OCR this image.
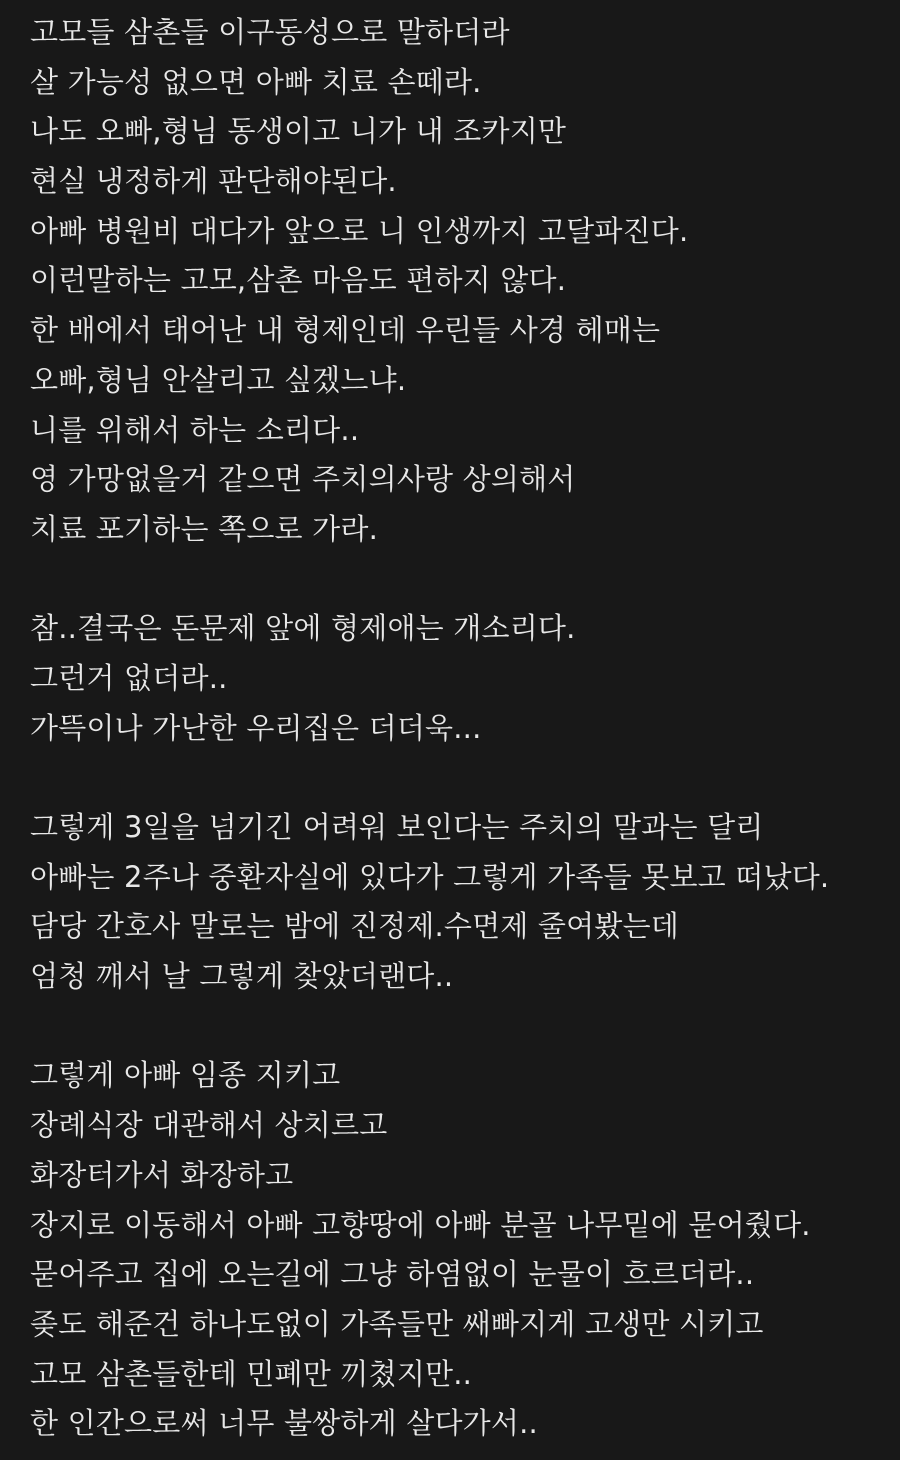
고모들 삼촌들 이구동성으로 말하더라
살 가능성 없으면 아빠 치료 손떼라.
나도 오빠,형님 동생이고 니가 내 조카지만
현실 냉정하게 판단해야된다.
아빠 병원비 대다가 앞으로 니 인생까지 고달파진다.
이런말하는 고모,삼촌 마음도 편하지 않다.
한 배에서 태어난 내 형제인데 우린들 사경 헤매는
오빠,형님 안살리고 싶겠느냐.
니를 위해서 하는 소리다..
영 가망없을거 같으면 주치의사랑 상의해서
치료 포기하는 쪽으로 가라.
참..결국은 돈문제 앞에 형제애는 개소리다.
그런거 없더라..
가뜩이나 가난한 우리집은 더더욱...
그렇게 3일을 넘기긴 어려워 보인다는 주치의 말과는 달리
아빠는 2주나 중환자실에 있다가 그렇게 가족들 못보고 떠났다.
담당 간호사 말로는 밤에 진정제.수면제 줄여봤는데
엄청 깨서 날 그렇게 찾았더랜다..
그렇게 아빠 임종 지키고
장례식장 대관해서 상치르고
화장터가서 화장하고
장지로 이동해서 아빠 고향땅에 아빠 분골 나무밑에 묻어줬다.
묻어주고 집에 오는길에 그냥 하염없이 눈물이 흐르더라..
좆도 해준건 하나도없이 가족들만 쌔빠지게 고생만 시키고
고모 삼촌들한테 민폐만 끼쳤지만..
한 인간으로써 너무 불쌍하게 살다가서..
